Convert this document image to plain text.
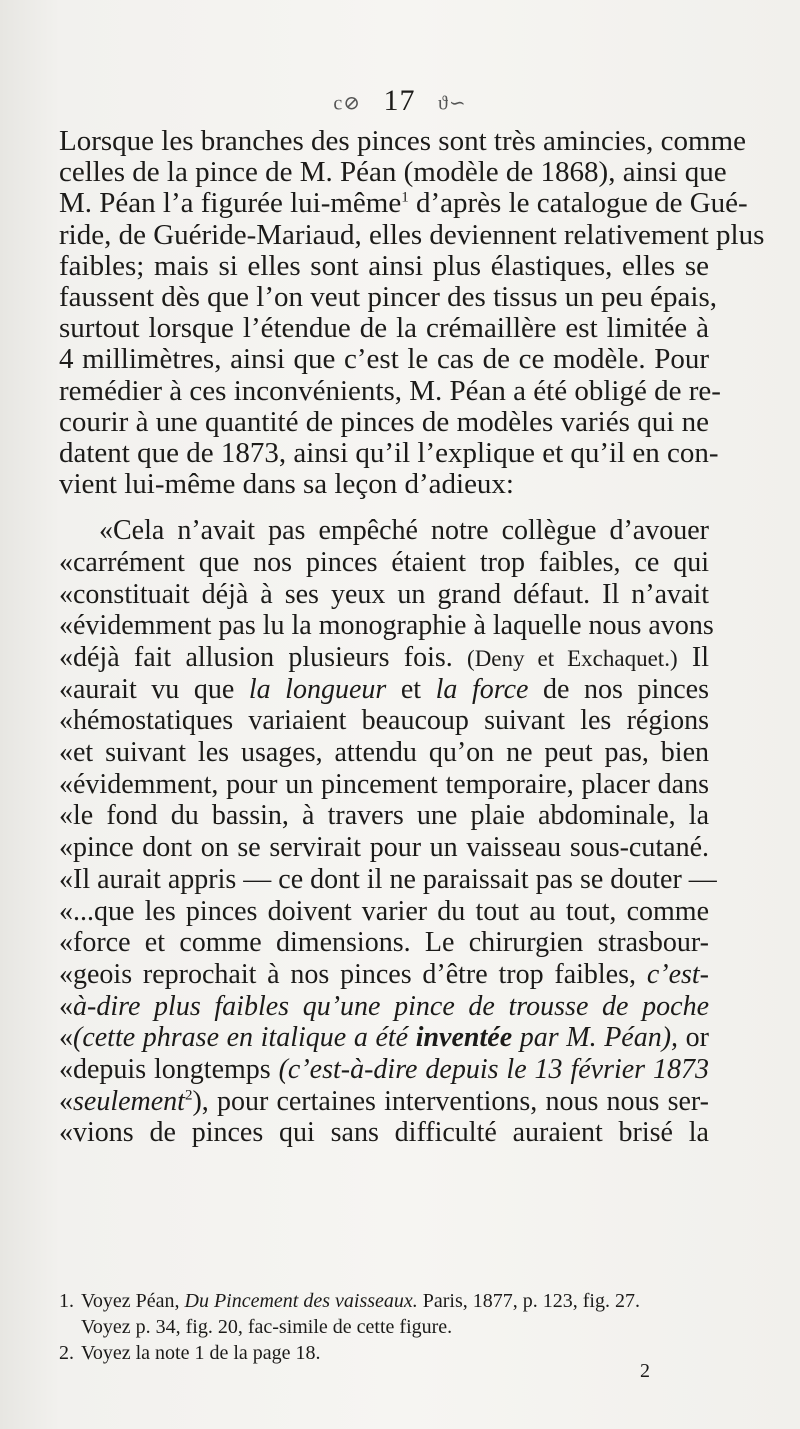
c⊘ 17 ϑ∽
Lorsque les branches des pinces sont très amincies, comme
celles de la pince de M. Péan (modèle de 1868), ainsi que
M. Péan l’a figurée lui-même$^1$ d’après le catalogue de Gué-
ride, de Guéride-Mariaud, elles deviennent relativement plus
faibles; mais si elles sont ainsi plus élastiques, elles se
faussent dès que l’on veut pincer des tissus un peu épais,
surtout lorsque l’étendue de la crémaillère est limitée à
4 millimètres, ainsi que c’est le cas de ce modèle. Pour
remédier à ces inconvénients, M. Péan a été obligé de re-
courir à une quantité de pinces de modèles variés qui ne
datent que de 1873, ainsi qu’il l’explique et qu’il en con-
vient lui-même dans sa leçon d’adieux:
«Cela n’avait pas empêché notre collègue d’avouer
«carrément que nos pinces étaient trop faibles, ce qui
«constituait déjà à ses yeux un grand défaut. Il n’avait
«évidemment pas lu la monographie à laquelle nous avons
«déjà fait allusion plusieurs fois. (Deny et Exchaquet.) Il
«aurait vu que la longueur et la force de nos pinces
«hémostatiques variaient beaucoup suivant les régions
«et suivant les usages, attendu qu’on ne peut pas, bien
«évidemment, pour un pincement temporaire, placer dans
«le fond du bassin, à travers une plaie abdominale, la
«pince dont on se servirait pour un vaisseau sous-cutané.
«Il aurait appris — ce dont il ne paraissait pas se douter —
«...que les pinces doivent varier du tout au tout, comme
«force et comme dimensions. Le chirurgien strasbour-
«geois reprochait à nos pinces d’être trop faibles, c’est-
«à-dire plus faibles qu’une pince de trousse de poche
«(cette phrase en italique a été inventée par M. Péan), or
«depuis longtemps (c’est-à-dire depuis le 13 février 1873
«seulement$^2$), pour certaines interventions, nous nous ser-
«vions de pinces qui sans difficulté auraient brisé la
1. Voyez Péan, Du Pincement des vaisseaux. Paris, 1877, p. 123, fig. 27.
Voyez p. 34, fig. 20, fac-simile de cette figure.
2. Voyez la note 1 de la page 18.
2
